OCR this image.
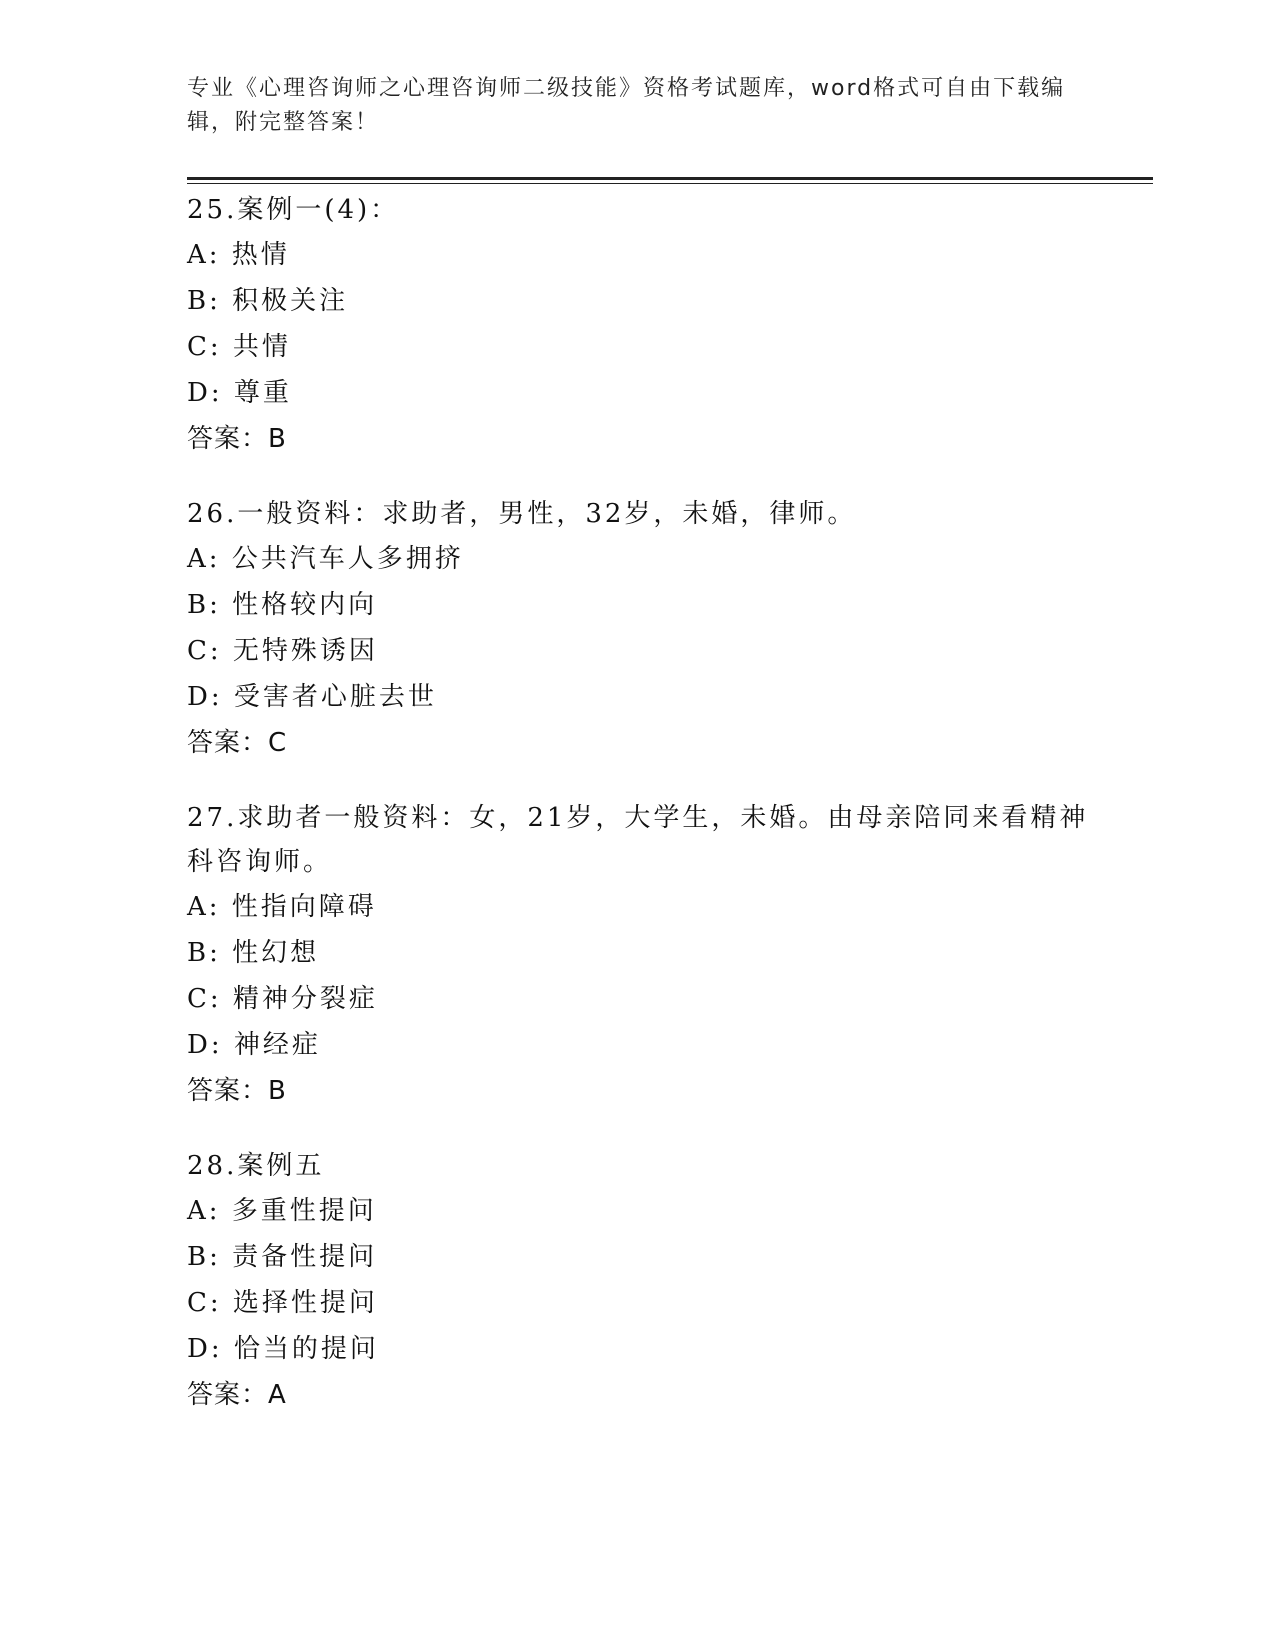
专业《心理咨询师之心理咨询师二级技能》资格考试题库，word格式可自由下载编辑，附完整答案！
25.案例一(4)：
A: 热情
B: 积极关注
C: 共情
D: 尊重
答案：B
26.一般资料：求助者，男性，32岁，未婚，律师。
A: 公共汽车人多拥挤
B: 性格较内向
C: 无特殊诱因
D: 受害者心脏去世
答案：C
27.求助者一般资料：女，21岁，大学生，未婚。由母亲陪同来看精神科咨询师。
A: 性指向障碍
B: 性幻想
C: 精神分裂症
D: 神经症
答案：B
28.案例五
A: 多重性提问
B: 责备性提问
C: 选择性提问
D: 恰当的提问
答案：A
